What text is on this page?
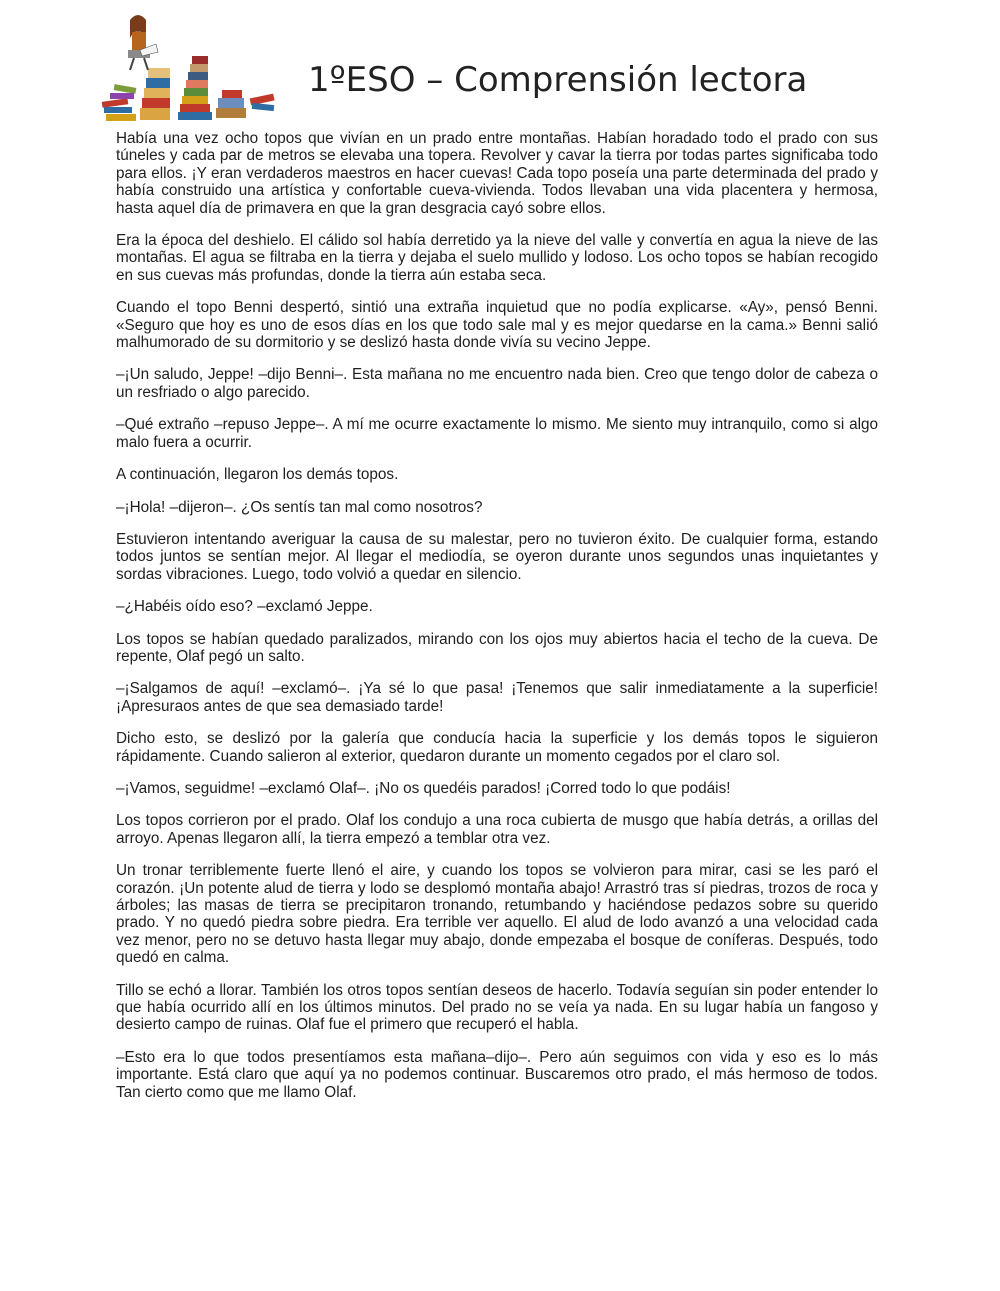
1ºESO – Comprensión lectora

Había una vez ocho topos que vivían en un prado entre montañas. Habían horadado todo el prado con sus túneles y cada par de metros se elevaba una topera. Revolver y cavar la tierra por todas partes significaba todo para ellos. ¡Y eran verdaderos maestros en hacer cuevas! Cada topo poseía una parte determinada del prado y había construido una artística y confortable cueva-vivienda. Todos llevaban una vida placentera y hermosa, hasta aquel día de primavera en que la gran desgracia cayó sobre ellos.

Era la época del deshielo. El cálido sol había derretido ya la nieve del valle y convertía en agua la nieve de las montañas. El agua se filtraba en la tierra y dejaba el suelo mullido y lodoso. Los ocho topos se habían recogido en sus cuevas más profundas, donde la tierra aún estaba seca.

Cuando el topo Benni despertó, sintió una extraña inquietud que no podía explicarse. «Ay», pensó Benni. «Seguro que hoy es uno de esos días en los que todo sale mal y es mejor quedarse en la cama.» Benni salió malhumorado de su dormitorio y se deslizó hasta donde vivía su vecino Jeppe.

–¡Un saludo, Jeppe! –dijo Benni–. Esta mañana no me encuentro nada bien. Creo que tengo dolor de cabeza o un resfriado o algo parecido.

–Qué extraño –repuso Jeppe–. A mí me ocurre exactamente lo mismo. Me siento muy intranquilo, como si algo malo fuera a ocurrir.

A continuación, llegaron los demás topos.

–¡Hola! –dijeron–. ¿Os sentís tan mal como nosotros?

Estuvieron intentando averiguar la causa de su malestar, pero no tuvieron éxito. De cualquier forma, estando todos juntos se sentían mejor. Al llegar el mediodía, se oyeron durante unos segundos unas inquietantes y sordas vibraciones. Luego, todo volvió a quedar en silencio.

–¿Habéis oído eso? –exclamó Jeppe.

Los topos se habían quedado paralizados, mirando con los ojos muy abiertos hacia el techo de la cueva. De repente, Olaf pegó un salto.

–¡Salgamos de aquí! –exclamó–. ¡Ya sé lo que pasa! ¡Tenemos que salir inmediatamente a la superficie! ¡Apresuraos antes de que sea demasiado tarde!

Dicho esto, se deslizó por la galería que conducía hacia la superficie y los demás topos le siguieron rápidamente. Cuando salieron al exterior, quedaron durante un momento cegados por el claro sol.

–¡Vamos, seguidme! –exclamó Olaf–. ¡No os quedéis parados! ¡Corred todo lo que podáis!

Los topos corrieron por el prado. Olaf los condujo a una roca cubierta de musgo que había detrás, a orillas del arroyo. Apenas llegaron allí, la tierra empezó a temblar otra vez.

Un tronar terriblemente fuerte llenó el aire, y cuando los topos se volvieron para mirar, casi se les paró el corazón. ¡Un potente alud de tierra y lodo se desplomó montaña abajo! Arrastró tras sí piedras, trozos de roca y árboles; las masas de tierra se precipitaron tronando, retumbando y haciéndose pedazos sobre su querido prado. Y no quedó piedra sobre piedra. Era terrible ver aquello. El alud de lodo avanzó a una velocidad cada vez menor, pero no se detuvo hasta llegar muy abajo, donde empezaba el bosque de coníferas. Después, todo quedó en calma.

Tillo se echó a llorar. También los otros topos sentían deseos de hacerlo. Todavía seguían sin poder entender lo que había ocurrido allí en los últimos minutos. Del prado no se veía ya nada. En su lugar había un fangoso y desierto campo de ruinas. Olaf fue el primero que recuperó el habla.

–Esto era lo que todos presentíamos esta mañana–dijo–. Pero aún seguimos con vida y eso es lo más importante. Está claro que aquí ya no podemos continuar. Buscaremos otro prado, el más hermoso de todos. Tan cierto como que me llamo Olaf.
